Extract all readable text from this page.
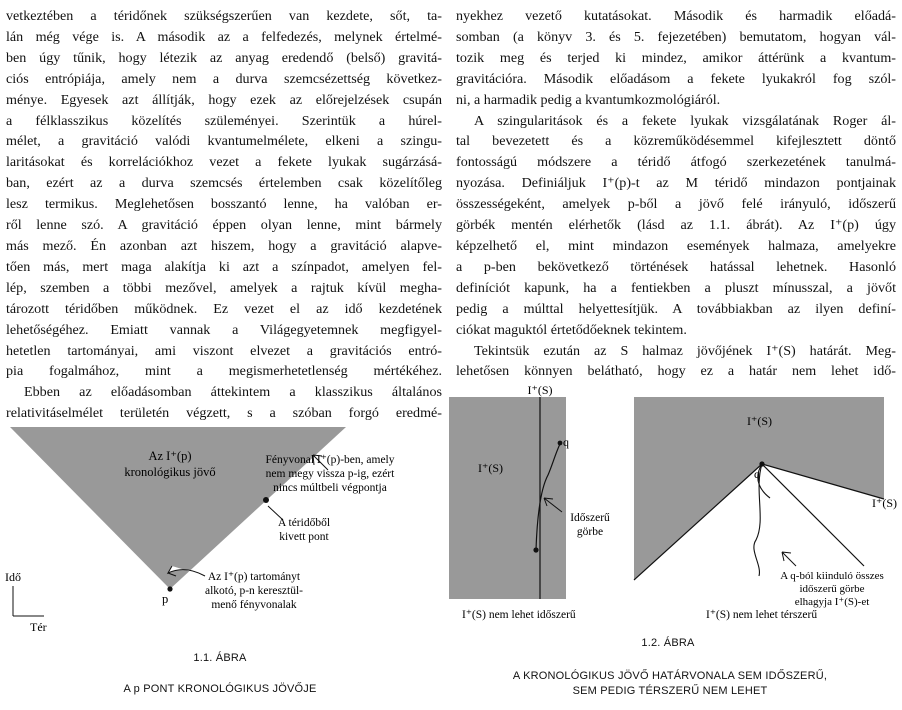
vetkeztében a téridőnek szükségszerűen van kezdete, sőt, ta-
lán még vége is. A második az a felfedezés, melynek értelmé-
ben úgy tűnik, hogy létezik az anyag eredendő (belső) gravitá-
ciós entrópiája, amely nem a durva szemcsézettség következ-
ménye. Egyesek azt állítják, hogy ezek az előrejelzések csupán
a félklasszikus közelítés szüleményei. Szerintük a húrel-
mélet, a gravitáció valódi kvantumelmélete, elkeni a szingu-
laritásokat és korrelációkhoz vezet a fekete lyukak sugárzásá-
ban, ezért az a durva szemcsés értelemben csak közelítőleg
lesz termikus. Meglehetősen bosszantó lenne, ha valóban er-
ről lenne szó. A gravitáció éppen olyan lenne, mint bármely
más mező. Én azonban azt hiszem, hogy a gravitáció alapve-
tően más, mert maga alakítja ki azt a színpadot, amelyen fel-
lép, szemben a többi mezővel, amelyek a rajtuk kívül megha-
tározott téridőben működnek. Ez vezet el az idő kezdetének
lehetőségéhez. Emiatt vannak a Világegyetemnek megfigyel-
hetetlen tartományai, ami viszont elvezet a gravitációs entró-
pia fogalmához, mint a megismerhetetlenség mértékéhez.
Ebben az előadásomban áttekintem a klasszikus általános
relativitáselmélet területén végzett, s a szóban forgó eredmé-
nyekhez vezető kutatásokat. Második és harmadik előadá-
somban (a könyv 3. és 5. fejezetében) bemutatom, hogyan vál-
tozik meg és terjed ki mindez, amikor áttérünk a kvantum-
gravitációra. Második előadásom a fekete lyukakról fog szól-
ni, a harmadik pedig a kvantumkozmológiáról.
A szingularitások és a fekete lyukak vizsgálatának Roger ál-
tal bevezetett és a közreműködésemmel kifejlesztett döntő
fontosságú módszere a téridő átfogó szerkezetének tanulmá-
nyozása. Definiáljuk I⁺(p)-t az M téridő mindazon pontjainak
összességeként, amelyek p-ből a jövő felé irányuló, időszerű
görbék mentén elérhetők (lásd az 1.1. ábrát). Az I⁺(p) úgy
képzelhető el, mint mindazon események halmaza, amelyekre
a p-ben bekövetkező történések hatással lehetnek. Hasonló
definíciót kapunk, ha a fentiekben a pluszt mínusszal, a jövőt
pedig a múlttal helyettesítjük. A továbbiakban az ilyen definí-
ciókat maguktól értetődőeknek tekintem.
Tekintsük ezután az S halmaz jövőjének I⁺(S) határát. Meg-
lehetősen könnyen belátható, hogy ez a határ nem lehet idő-
Az I⁺(p)
kronológikus jövő
p
Fényvonal I⁺(p)-ben, amely
nem megy vissza p-ig, ezért
nincs múltbeli végpontja
A téridőből
kivett pont
Az I⁺(p) tartományt
alkotó, p-n keresztül-
menő fényvonalak
Idő
Tér
1.1. ÁBRA
A p PONT KRONOLÓGIKUS JÖVŐJE
I⁺(S)
I⁺(S)
q
Időszerű
görbe
I⁺(S) nem lehet időszerű
q
I⁺(S)
I⁺(S)
A q-ból kiinduló összes
időszerű görbe
elhagyja I⁺(S)-et
I⁺(S) nem lehet térszerű
1.2. ÁBRA
A KRONOLÓGIKUS JÖVŐ HATÁRVONALA SEM IDŐSZERŰ,
SEM PEDIG TÉRSZERŰ NEM LEHET
